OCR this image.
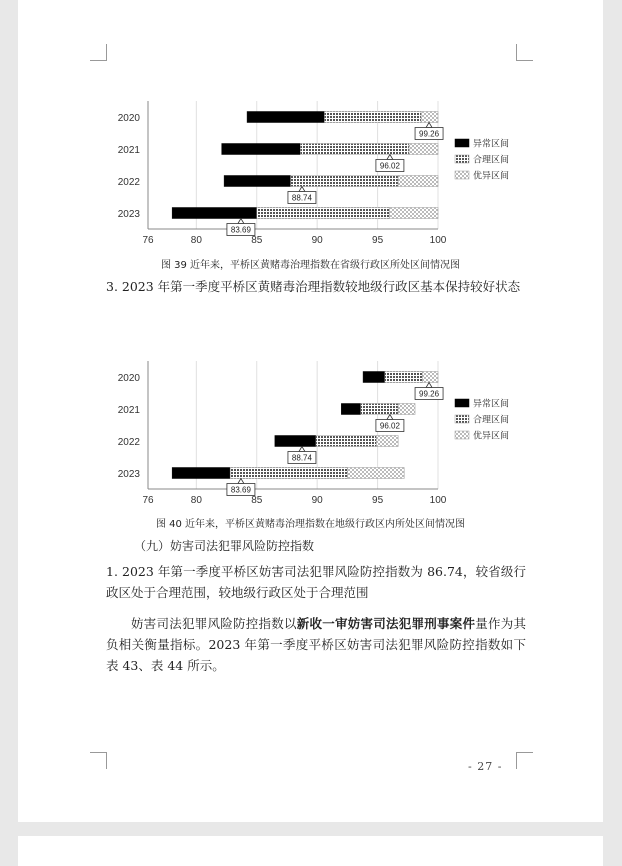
76	80	85	90	95	100
2020
99.26
2021
96.02
2022
88.74
2023
83.69
异常区间
合理区间
优异区间
图 39 近年来，平桥区黄赌毒治理指数在省级行政区所处区间情况图
3. 2023 年第一季度平桥区黄赌毒治理指数较地级行政区基本保持较好状态
76	80	85	90	95	100
2020
99.26
2021
96.02
2022
88.74
2023
83.69
异常区间
合理区间
优异区间
图 40 近年来，平桥区黄赌毒治理指数在地级行政区内所处区间情况图
（九）妨害司法犯罪风险防控指数
1. 2023 年第一季度平桥区妨害司法犯罪风险防控指数为 86.74，较省级行政区处于合理范围，较地级行政区处于合理范围
妨害司法犯罪风险防控指数以新收一审妨害司法犯罪刑事案件量作为其负相关衡量指标。2023 年第一季度平桥区妨害司法犯罪风险防控指数如下表 43、表 44 所示。
- 27 -
